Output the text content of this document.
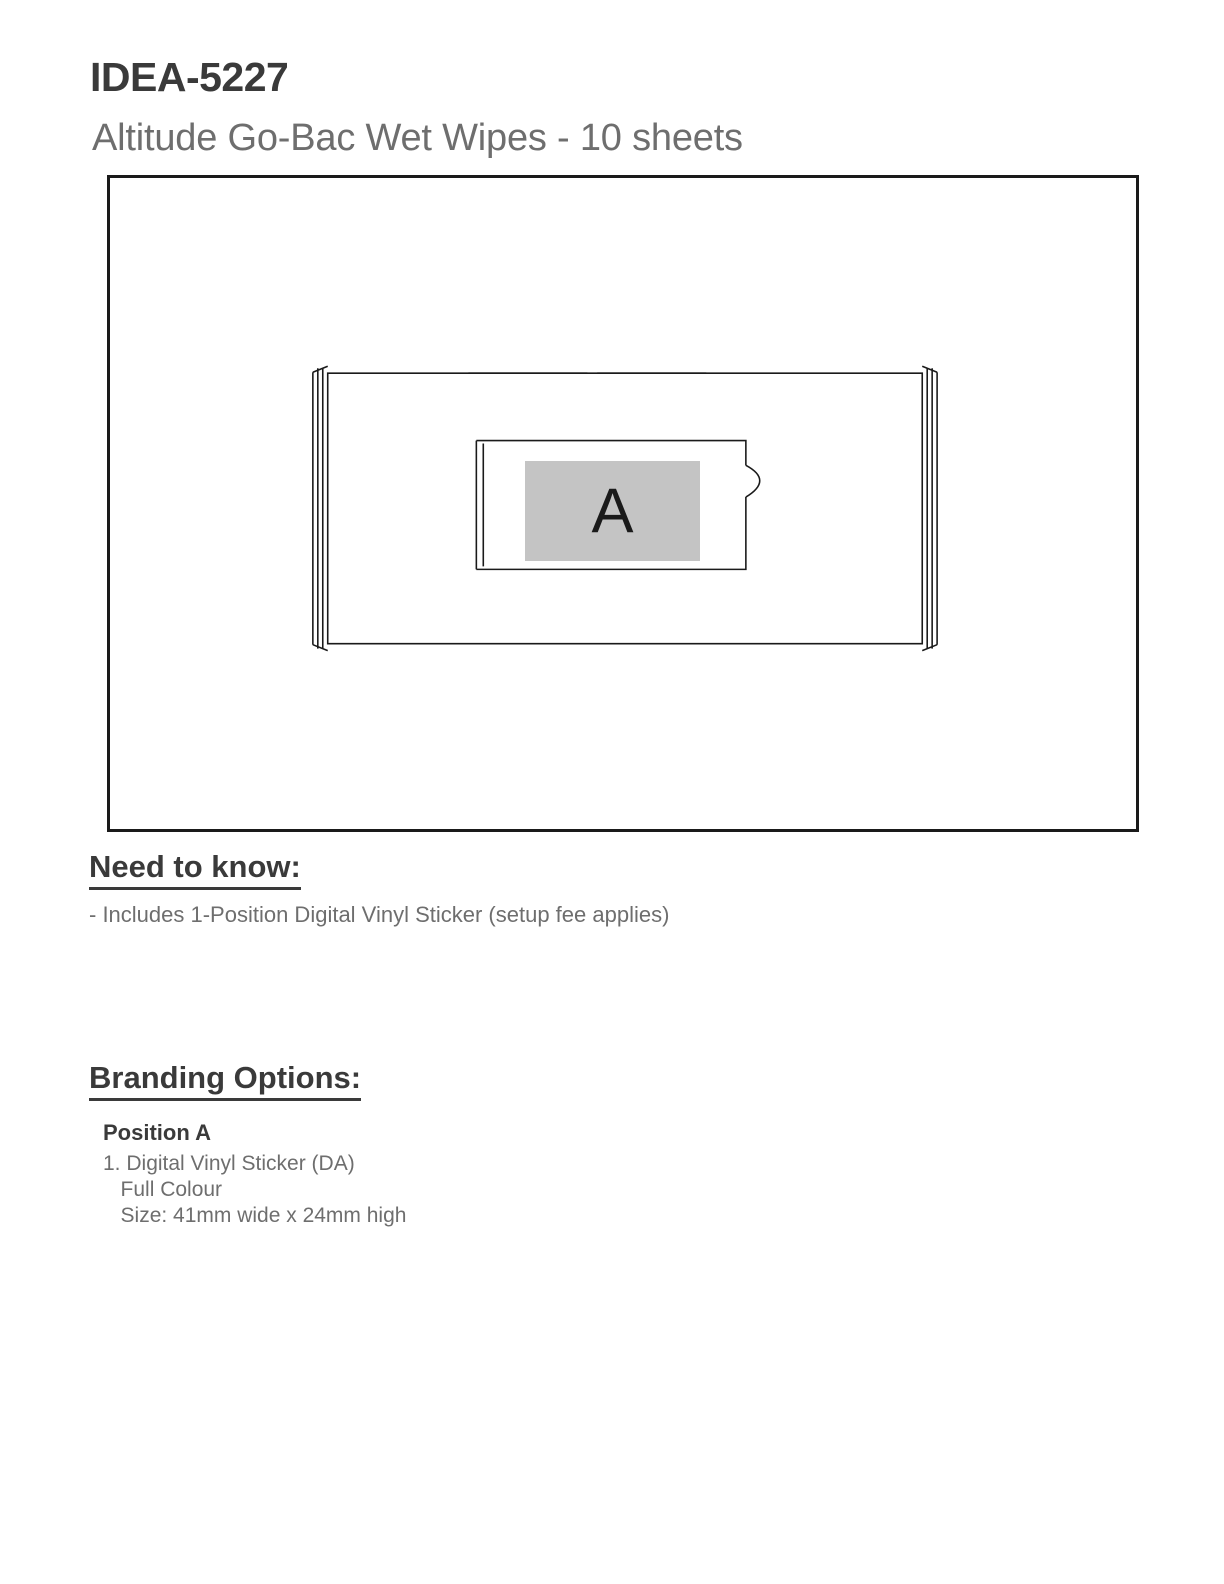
IDEA-5227
Altitude Go-Bac Wet Wipes - 10 sheets
A
Need to know:
- Includes 1-Position Digital Vinyl Sticker (setup fee applies)
Branding Options:
Position A
1. Digital Vinyl Sticker (DA)
Full Colour
Size: 41mm wide x 24mm high
